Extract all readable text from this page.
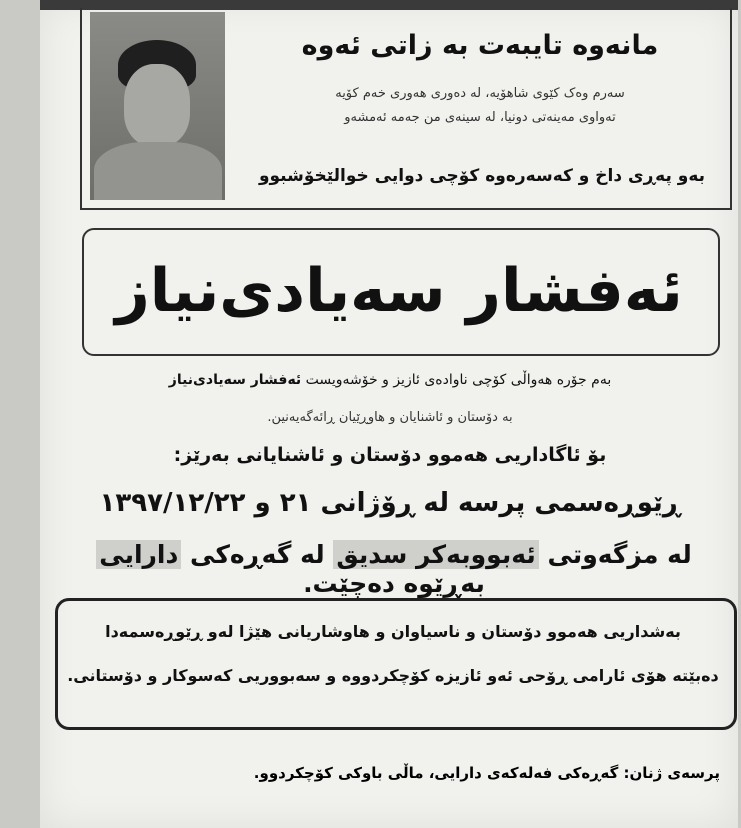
مانەوە تایبەت بە زاتی ئەوە
سەرم وەک کێوی شاهۆیە، لە دەوری هەوری خەم کۆیە
تەواوی مەینەتی دونیا، لە سینەی من جەمە ئەمشەو
بەو پەڕی داخ و کەسەرەوە کۆچی دوایی خوالێخۆشبوو
ئەفشار سەیادی‌نیاز
بەم جۆرە هەواڵی کۆچی ناوادەی ئازیز و خۆشەویست ئەفشار سەیادی‌نیاز
بە دۆستان و ئاشنایان و هاوڕێیان ڕائەگەیەنین.
بۆ ئاگاداریی هەموو دۆستان و ئاشنایانی بەرێز:
ڕێوڕەسمی پرسە لە ڕۆژانی ٢١ و ١٣٩٧/١٢/٢٢
لە مزگەوتی ئەبووبەکر سدیق لە گەڕەکی دارایی بەڕێوە دەچێت.
بەشداریی هەموو دۆستان و ناسیاوان و هاوشاریانی هێژا لەو ڕێوڕەسمەدا
دەبێتە هۆی ئارامی ڕۆحی ئەو ئازیزە کۆچکردووە و سەبووریی کەسوکار و دۆستانی.
پرسەی ژنان: گەڕەکی فەلەکەی دارایی، ماڵی باوکی کۆچکردوو.
